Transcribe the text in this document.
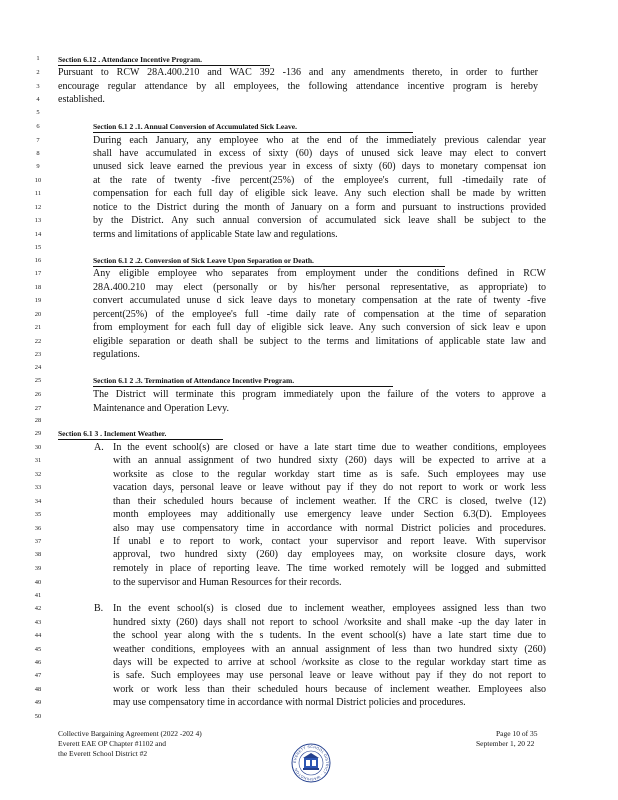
1
2
3
4
5
6
7
8
9
10
11
12
13
14
15
16
17
18
19
20
21
22
23
24
25
26
27
28
29
30
31
32
33
34
35
36
37
38
39
40
41
42
43
44
45
46
47
48
49
50
Section 6.12 . Attendance Incentive Program.
Pursuant to RCW 28A.400.210 and WAC 392 -136 and any amendments thereto, in order to further
encourage regular attendance by all employees, the following attendance incentive program is hereby
established.
Section 6.1 2 .1. Annual Conversion of Accumulated Sick Leave.
During each January, any employee who at the end of the immediately previous calendar year
shall have accumulated in excess of sixty (60) days of unused sick leave may elect to convert
unused sick leave earned the previous year in excess of sixty (60) days to monetary compensat ion
at the rate of twenty -five percent(25%) of the employee's current, full -timedaily rate of
compensation for each full day of eligible sick leave. Any such election shall be made by written
notice to the District during the month of January on a form and pursuant to instructions provided
by the District. Any such annual conversion of accumulated sick leave shall be subject to the
terms and limitations of applicable State law and regulations.
Section 6.1 2 .2. Conversion of Sick Leave Upon Separation or Death.
Any eligible employee who separates from employment under the conditions defined in RCW
28A.400.210 may elect (personally or by his/her personal representative, as appropriate) to
convert accumulated unuse d sick leave days to monetary compensation at the rate of twenty -five
percent(25%) of the employee's full -time daily rate of compensation at the time of separation
from employment for each full day of eligible sick leave. Any such conversion of sick leav e upon
eligible separation or death shall be subject to the terms and limitations of applicable state law and
regulations.
Section 6.1 2 .3. Termination of Attendance Incentive Program.
The District will terminate this program immediately upon the failure of the voters to approve a
Maintenance and Operation Levy.
Section 6.1 3 . Inclement Weather.
A. In the event school(s) are closed or have a late start time due to weather conditions, employees
with an annual assignment of two hundred sixty (260) days will be expected to arrive at a
worksite as close to the regular workday start time as is safe. Such employees may use
vacation days, personal leave or leave without pay if they do not report to work or work less
than their scheduled hours because of inclement weather. If the CRC is closed, twelve (12)
month employees may additionally use emergency leave under Section 6.3(D). Employees
also may use compensatory time in accordance with normal District policies and procedures.
If unabl e to report to work, contact your supervisor and report leave. With supervisor
approval, two hundred sixty (260) day employees may, on worksite closure days, work
remotely in place of reporting leave. The time worked remotely will be logged and submitted
to the supervisor and Human Resources for their records.
B. In the event school(s) is closed due to inclement weather, employees assigned less than two
hundred sixty (260) days shall not report to school /worksite and shall make -up the day later in
the school year along with the s tudents. In the event school(s) have a late start time due to
weather conditions, employees with an annual assignment of less than two hundred sixty (260)
days will be expected to arrive at school /worksite as close to the regular workday start time as
is safe. Such employees may use personal leave or leave without pay if they do not report to
work or work less than their scheduled hours because of inclement weather. Employees also
may use compensatory time in accordance with normal District policies and procedures.
Collective Bargaining Agreement (2022 -202 4)
Everett EAE OP Chapter #1102 and
the Everett School District #2
EVERETT SCHOOL DISTRICT · WASHINGTON
Page 10 of 35
September 1, 20 22
